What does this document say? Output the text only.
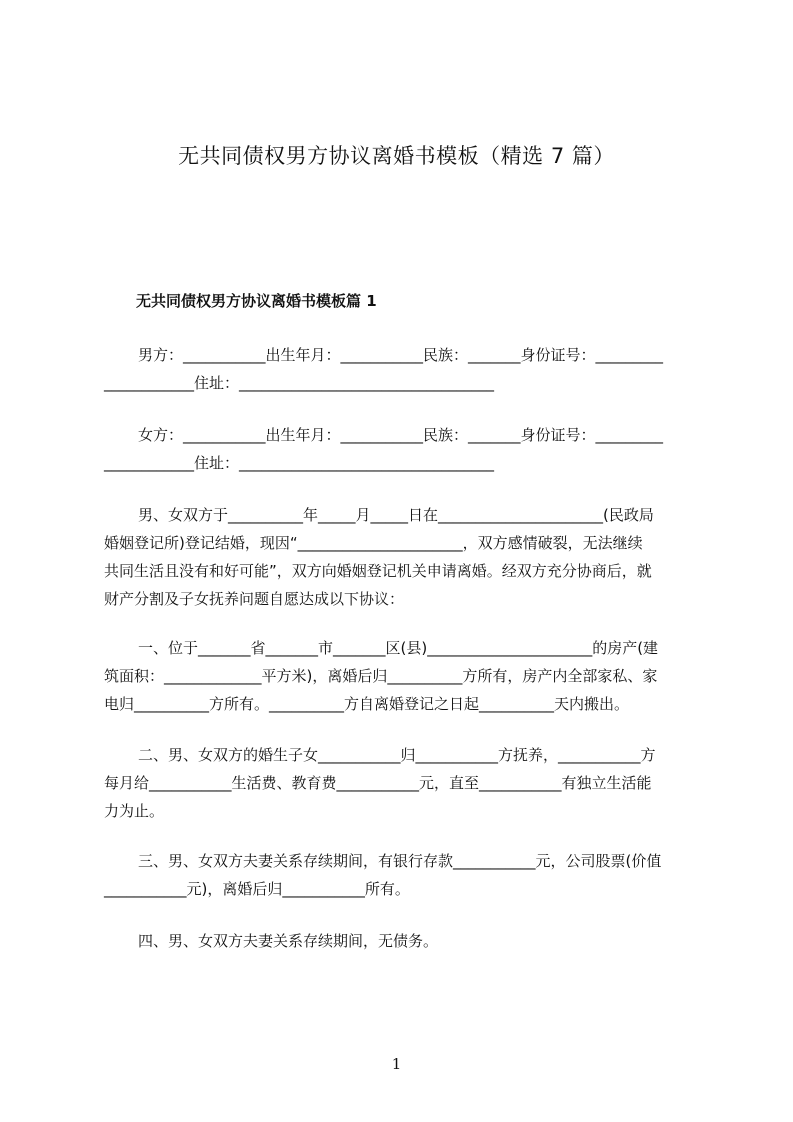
无共同债权男方协议离婚书模板（精选 7 篇）
无共同债权男方协议离婚书模板篇 1
男方：___________出生年月：___________民族：_______身份证号：_________
____________住址：__________________________________
女方：___________出生年月：___________民族：_______身份证号：_________
____________住址：__________________________________
男、女双方于__________年_____月_____日在______________________(民政局
婚姻登记所)登记结婚，现因“______________________，双方感情破裂，无法继续
共同生活且没有和好可能”，双方向婚姻登记机关申请离婚。经双方充分协商后，就
财产分割及子女抚养问题自愿达成以下协议：
一、位于_______省_______市_______区(县)______________________的房产(建
筑面积：_____________平方米)，离婚后归__________方所有，房产内全部家私、家
电归__________方所有。__________方自离婚登记之日起__________天内搬出。
二、男、女双方的婚生子女___________归___________方抚养，___________方
每月给___________生活费、教育费___________元，直至___________有独立生活能
力为止。
三、男、女双方夫妻关系存续期间，有银行存款___________元，公司股票(价值
___________元)，离婚后归___________所有。
四、男、女双方夫妻关系存续期间，无债务。
1
